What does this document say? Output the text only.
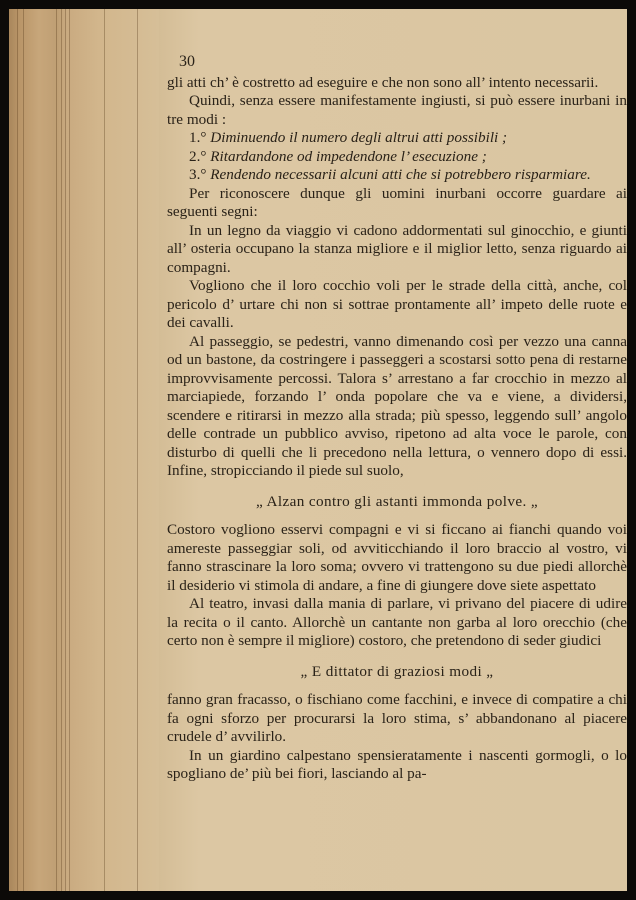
30

gli atti ch’ è costretto ad eseguire e che non sono all’ intento necessarii.

Quindi, senza essere manifestamente ingiusti, si può essere inurbani in tre modi :

1.° Diminuendo il numero degli altrui atti possibili ;

2.° Ritardandone od impedendone l’ esecuzione ;

3.° Rendendo necessarii alcuni atti che si potrebbero risparmiare.

Per riconoscere dunque gli uomini inurbani occorre guardare ai seguenti segni:

In un legno da viaggio vi cadono addormentati sul ginocchio, e giunti all’ osteria occupano la stanza migliore e il miglior letto, senza riguardo ai compagni.

Vogliono che il loro cocchio voli per le strade della città, anche, col pericolo d’ urtare chi non si sottrae prontamente all’ impeto delle ruote e dei cavalli.

Al passeggio, se pedestri, vanno dimenando così per vezzo una canna od un bastone, da costringere i passeggeri a scostarsi sotto pena di restarne improvvisamente percossi. Talora s’ arrestano a far crocchio in mezzo al marciapiede, forzando l’ onda popolare che va e viene, a dividersi, scendere e ritirarsi in mezzo alla strada; più spesso, leggendo sull’ angolo delle contrade un pubblico avviso, ripetono ad alta voce le parole, con disturbo di quelli che li precedono nella lettura, o vennero dopo di essi. Infine, stropicciando il piede sul suolo,

„ Alzan contro gli astanti immonda polve. „

Costoro vogliono esservi compagni e vi si ficcano ai fianchi quando voi amereste passeggiar soli, od avviticchiando il loro braccio al vostro, vi fanno strascinare la loro soma; ovvero vi trattengono su due piedi allorchè il desiderio vi stimola di andare, a fine di giungere dove siete aspettato

Al teatro, invasi dalla mania di parlare, vi privano del piacere di udire la recita o il canto. Allorchè un cantante non garba al loro orecchio (che certo non è sempre il migliore) costoro, che pretendono di seder giudici

„ E dittator di graziosi modi „

fanno gran fracasso, o fischiano come facchini, e invece di compatire a chi fa ogni sforzo per procurarsi la loro stima, s’ abbandonano al piacere crudele d’ avvilirlo.

In un giardino calpestano spensieratamente i nascenti gormogli, o lo spogliano de’ più bei fiori, lasciando al pa-
